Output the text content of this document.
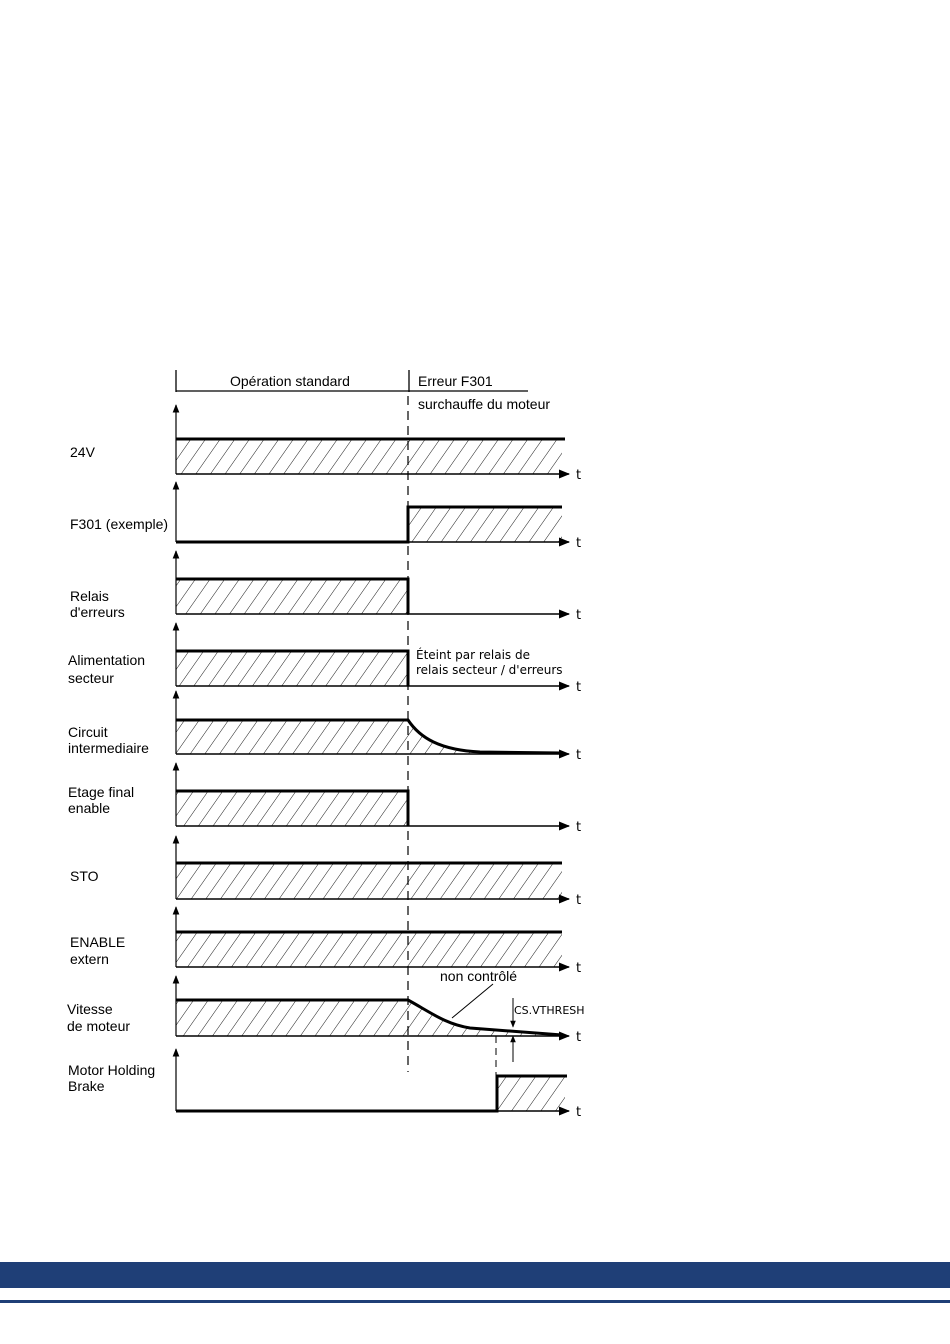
Opération standard	Erreur F301
surchauffe du moteur
t
24V
t
F301 (exemple)
t
Relais
d'erreurs
t
Alimentation
secteur
Éteint par relais de
relais secteur / d'erreurs
t
Circuit
intermediaire
t
Etage final
enable
t
STO
t
ENABLE
extern
t
Vitesse
de moteur
non contrôlé
CS.VTHRESH
t
Motor Holding
Brake
